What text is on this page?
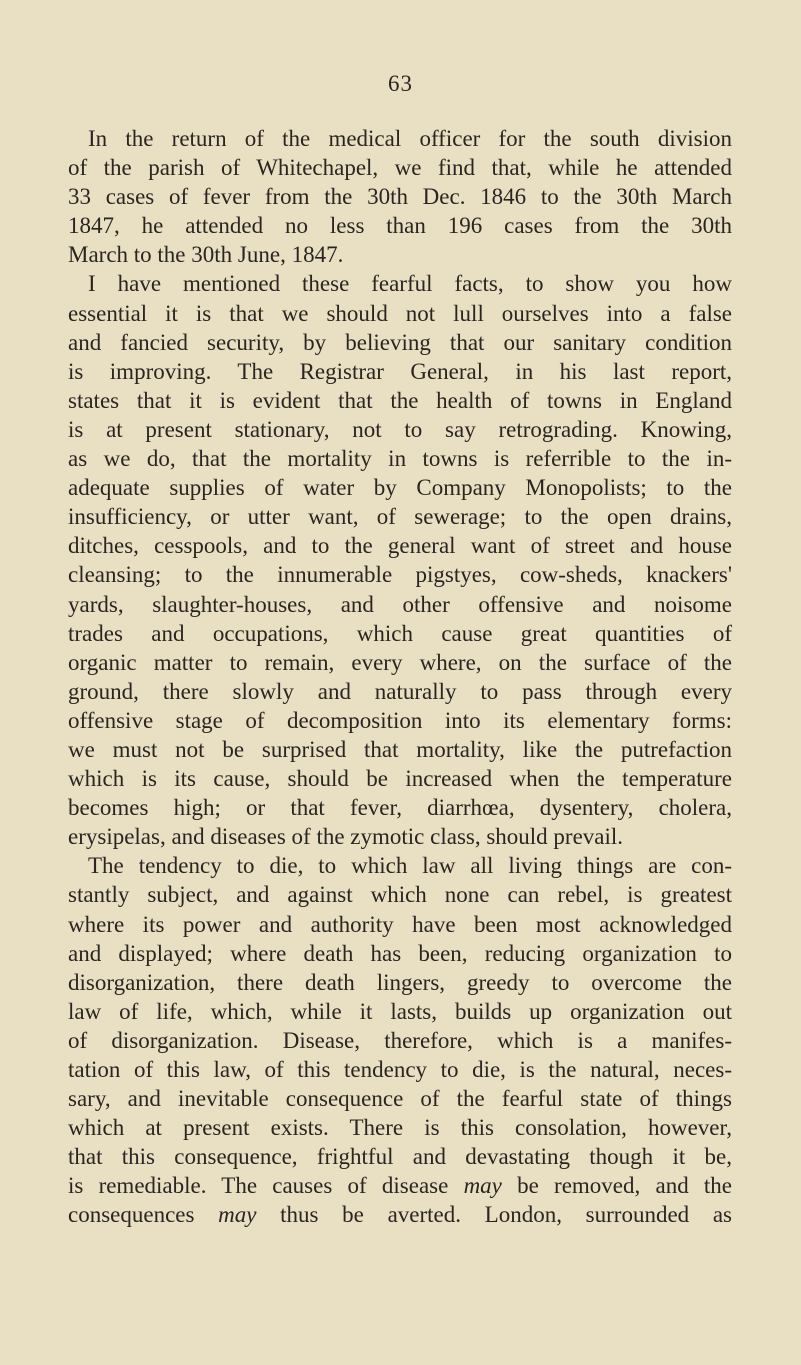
63
In the return of the medical officer for the south division
of the parish of Whitechapel, we find that, while he attended
33 cases of fever from the 30th Dec. 1846 to the 30th March
1847, he attended no less than 196 cases from the 30th
March to the 30th June, 1847.
I have mentioned these fearful facts, to show you how
essential it is that we should not lull ourselves into a false
and fancied security, by believing that our sanitary condition
is improving. The Registrar General, in his last report,
states that it is evident that the health of towns in England
is at present stationary, not to say retrograding. Knowing,
as we do, that the mortality in towns is referrible to the in-
adequate supplies of water by Company Monopolists; to the
insufficiency, or utter want, of sewerage; to the open drains,
ditches, cesspools, and to the general want of street and house
cleansing; to the innumerable pigstyes, cow-sheds, knackers'
yards, slaughter-houses, and other offensive and noisome
trades and occupations, which cause great quantities of
organic matter to remain, every where, on the surface of the
ground, there slowly and naturally to pass through every
offensive stage of decomposition into its elementary forms:
we must not be surprised that mortality, like the putrefaction
which is its cause, should be increased when the temperature
becomes high; or that fever, diarrhœa, dysentery, cholera,
erysipelas, and diseases of the zymotic class, should prevail.
The tendency to die, to which law all living things are con-
stantly subject, and against which none can rebel, is greatest
where its power and authority have been most acknowledged
and displayed; where death has been, reducing organization to
disorganization, there death lingers, greedy to overcome the
law of life, which, while it lasts, builds up organization out
of disorganization. Disease, therefore, which is a manifes-
tation of this law, of this tendency to die, is the natural, neces-
sary, and inevitable consequence of the fearful state of things
which at present exists. There is this consolation, however,
that this consequence, frightful and devastating though it be,
is remediable. The causes of disease may be removed, and the
consequences may thus be averted. London, surrounded as
